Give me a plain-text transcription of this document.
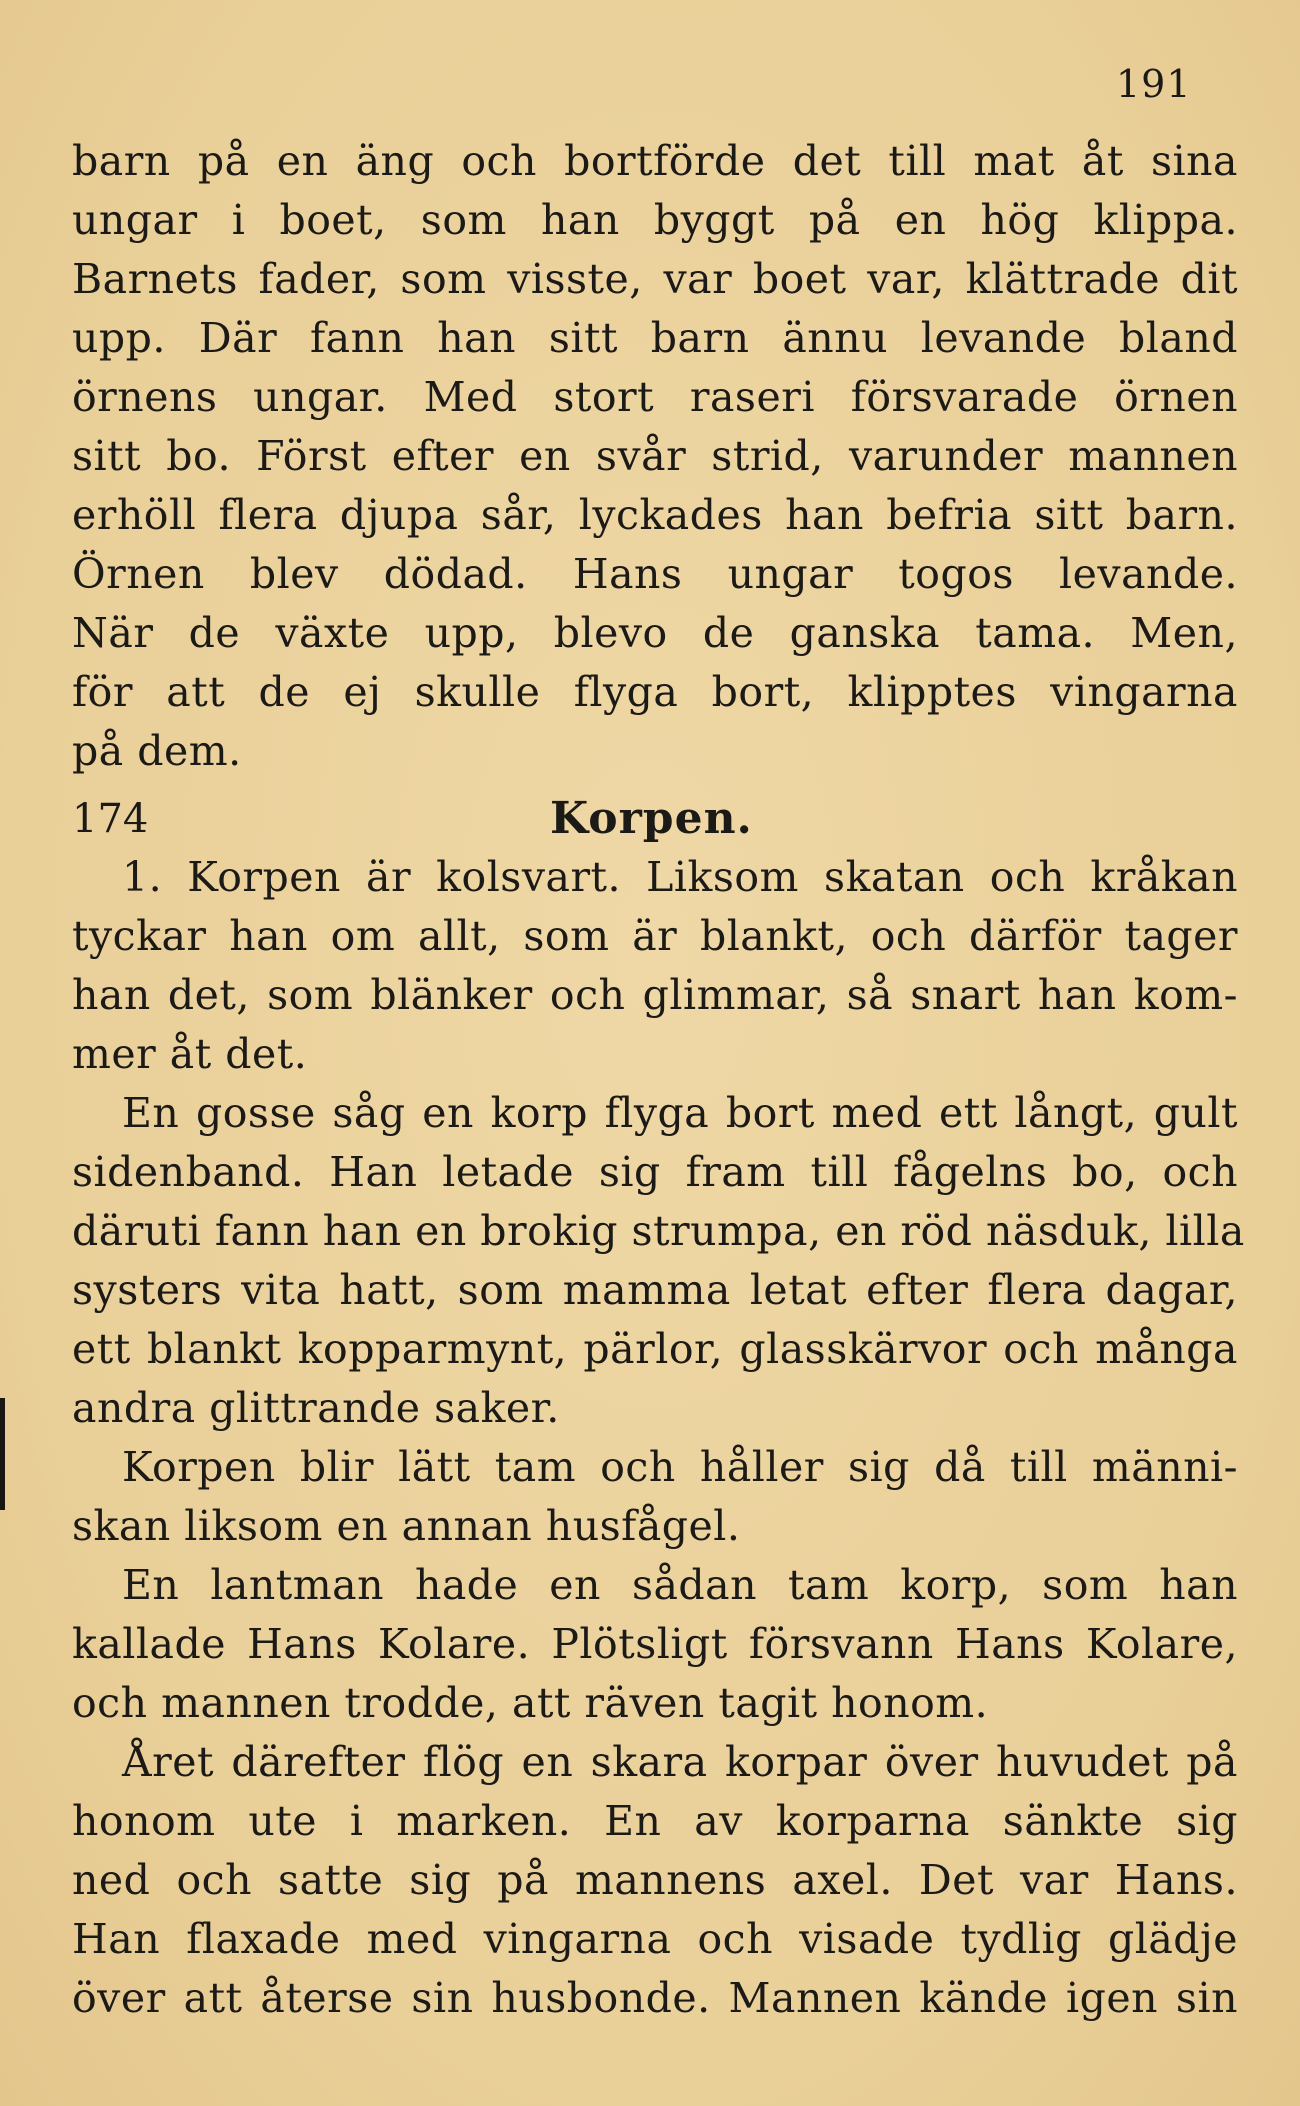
191
barn på en äng och bortförde det till mat åt sina
ungar i boet, som han byggt på en hög klippa.
Barnets fader, som visste, var boet var, klättrade dit
upp. Där fann han sitt barn ännu levande bland
örnens ungar. Med stort raseri försvarade örnen
sitt bo. Först efter en svår strid, varunder mannen
erhöll flera djupa sår, lyckades han befria sitt barn.
Örnen blev dödad. Hans ungar togos levande.
När de växte upp, blevo de ganska tama. Men,
för att de ej skulle flyga bort, klipptes vingarna
på dem.
174	Korpen.
1. Korpen är kolsvart. Liksom skatan och kråkan
tyckar han om allt, som är blankt, och därför tager
han det, som blänker och glimmar, så snart han kom-
mer åt det.
En gosse såg en korp flyga bort med ett långt, gult
sidenband. Han letade sig fram till fågelns bo, och
däruti fann han en brokig strumpa, en röd näsduk, lilla
systers vita hatt, som mamma letat efter flera dagar,
ett blankt kopparmynt, pärlor, glasskärvor och många
andra glittrande saker.
Korpen blir lätt tam och håller sig då till männi-
skan liksom en annan husfågel.
En lantman hade en sådan tam korp, som han
kallade Hans Kolare. Plötsligt försvann Hans Kolare,
och mannen trodde, att räven tagit honom.
Året därefter flög en skara korpar över huvudet på
honom ute i marken. En av korparna sänkte sig
ned och satte sig på mannens axel. Det var Hans.
Han flaxade med vingarna och visade tydlig glädje
över att återse sin husbonde. Mannen kände igen sin
